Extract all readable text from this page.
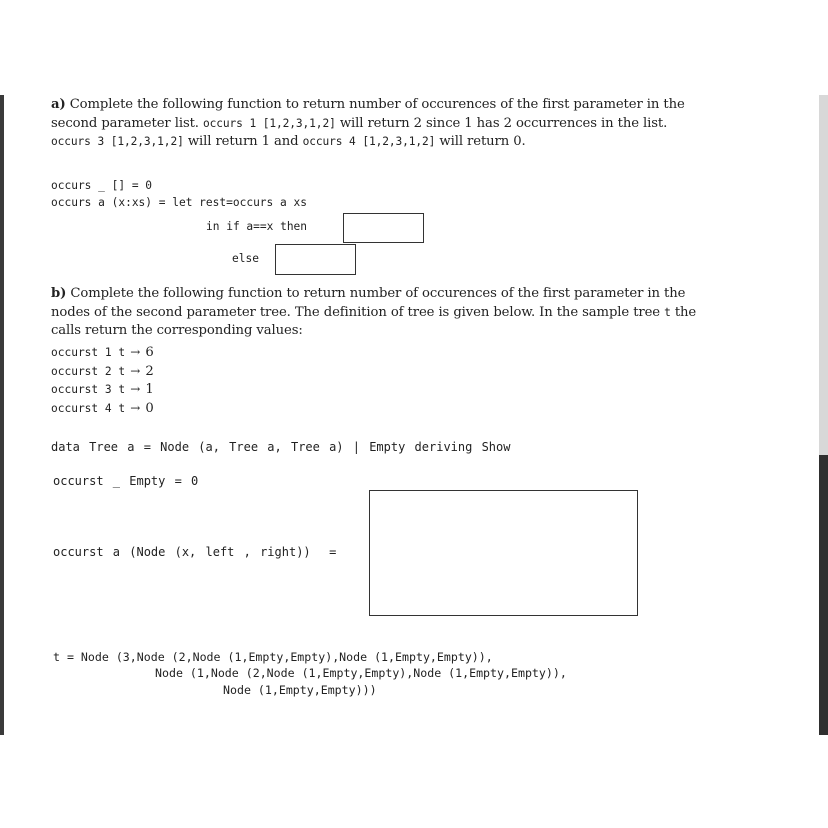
a) Complete the following function to return number of occurences of the first parameter in the
second parameter list. occurs 1 [1,2,3,1,2] will return 2 since 1 has 2 occurrences in the list.
occurs 3 [1,2,3,1,2] will return 1 and occurs 4 [1,2,3,1,2] will return 0.
occurs _ [] = 0
occurs a (x:xs) = let rest=occurs a xs
in if a==x then
else
b) Complete the following function to return number of occurences of the first parameter in the
nodes of the second parameter tree. The definition of tree is given below. In the sample tree t the
calls return the corresponding values:
occurst 1 t → 6
occurst 2 t → 2
occurst 3 t → 1
occurst 4 t → 0
data Tree a = Node (a, Tree a, Tree a) | Empty deriving Show
occurst _ Empty = 0
occurst a (Node (x, left , right))  =
t = Node (3,Node (2,Node (1,Empty,Empty),Node (1,Empty,Empty)),
Node (1,Node (2,Node (1,Empty,Empty),Node (1,Empty,Empty)),
Node (1,Empty,Empty)))
